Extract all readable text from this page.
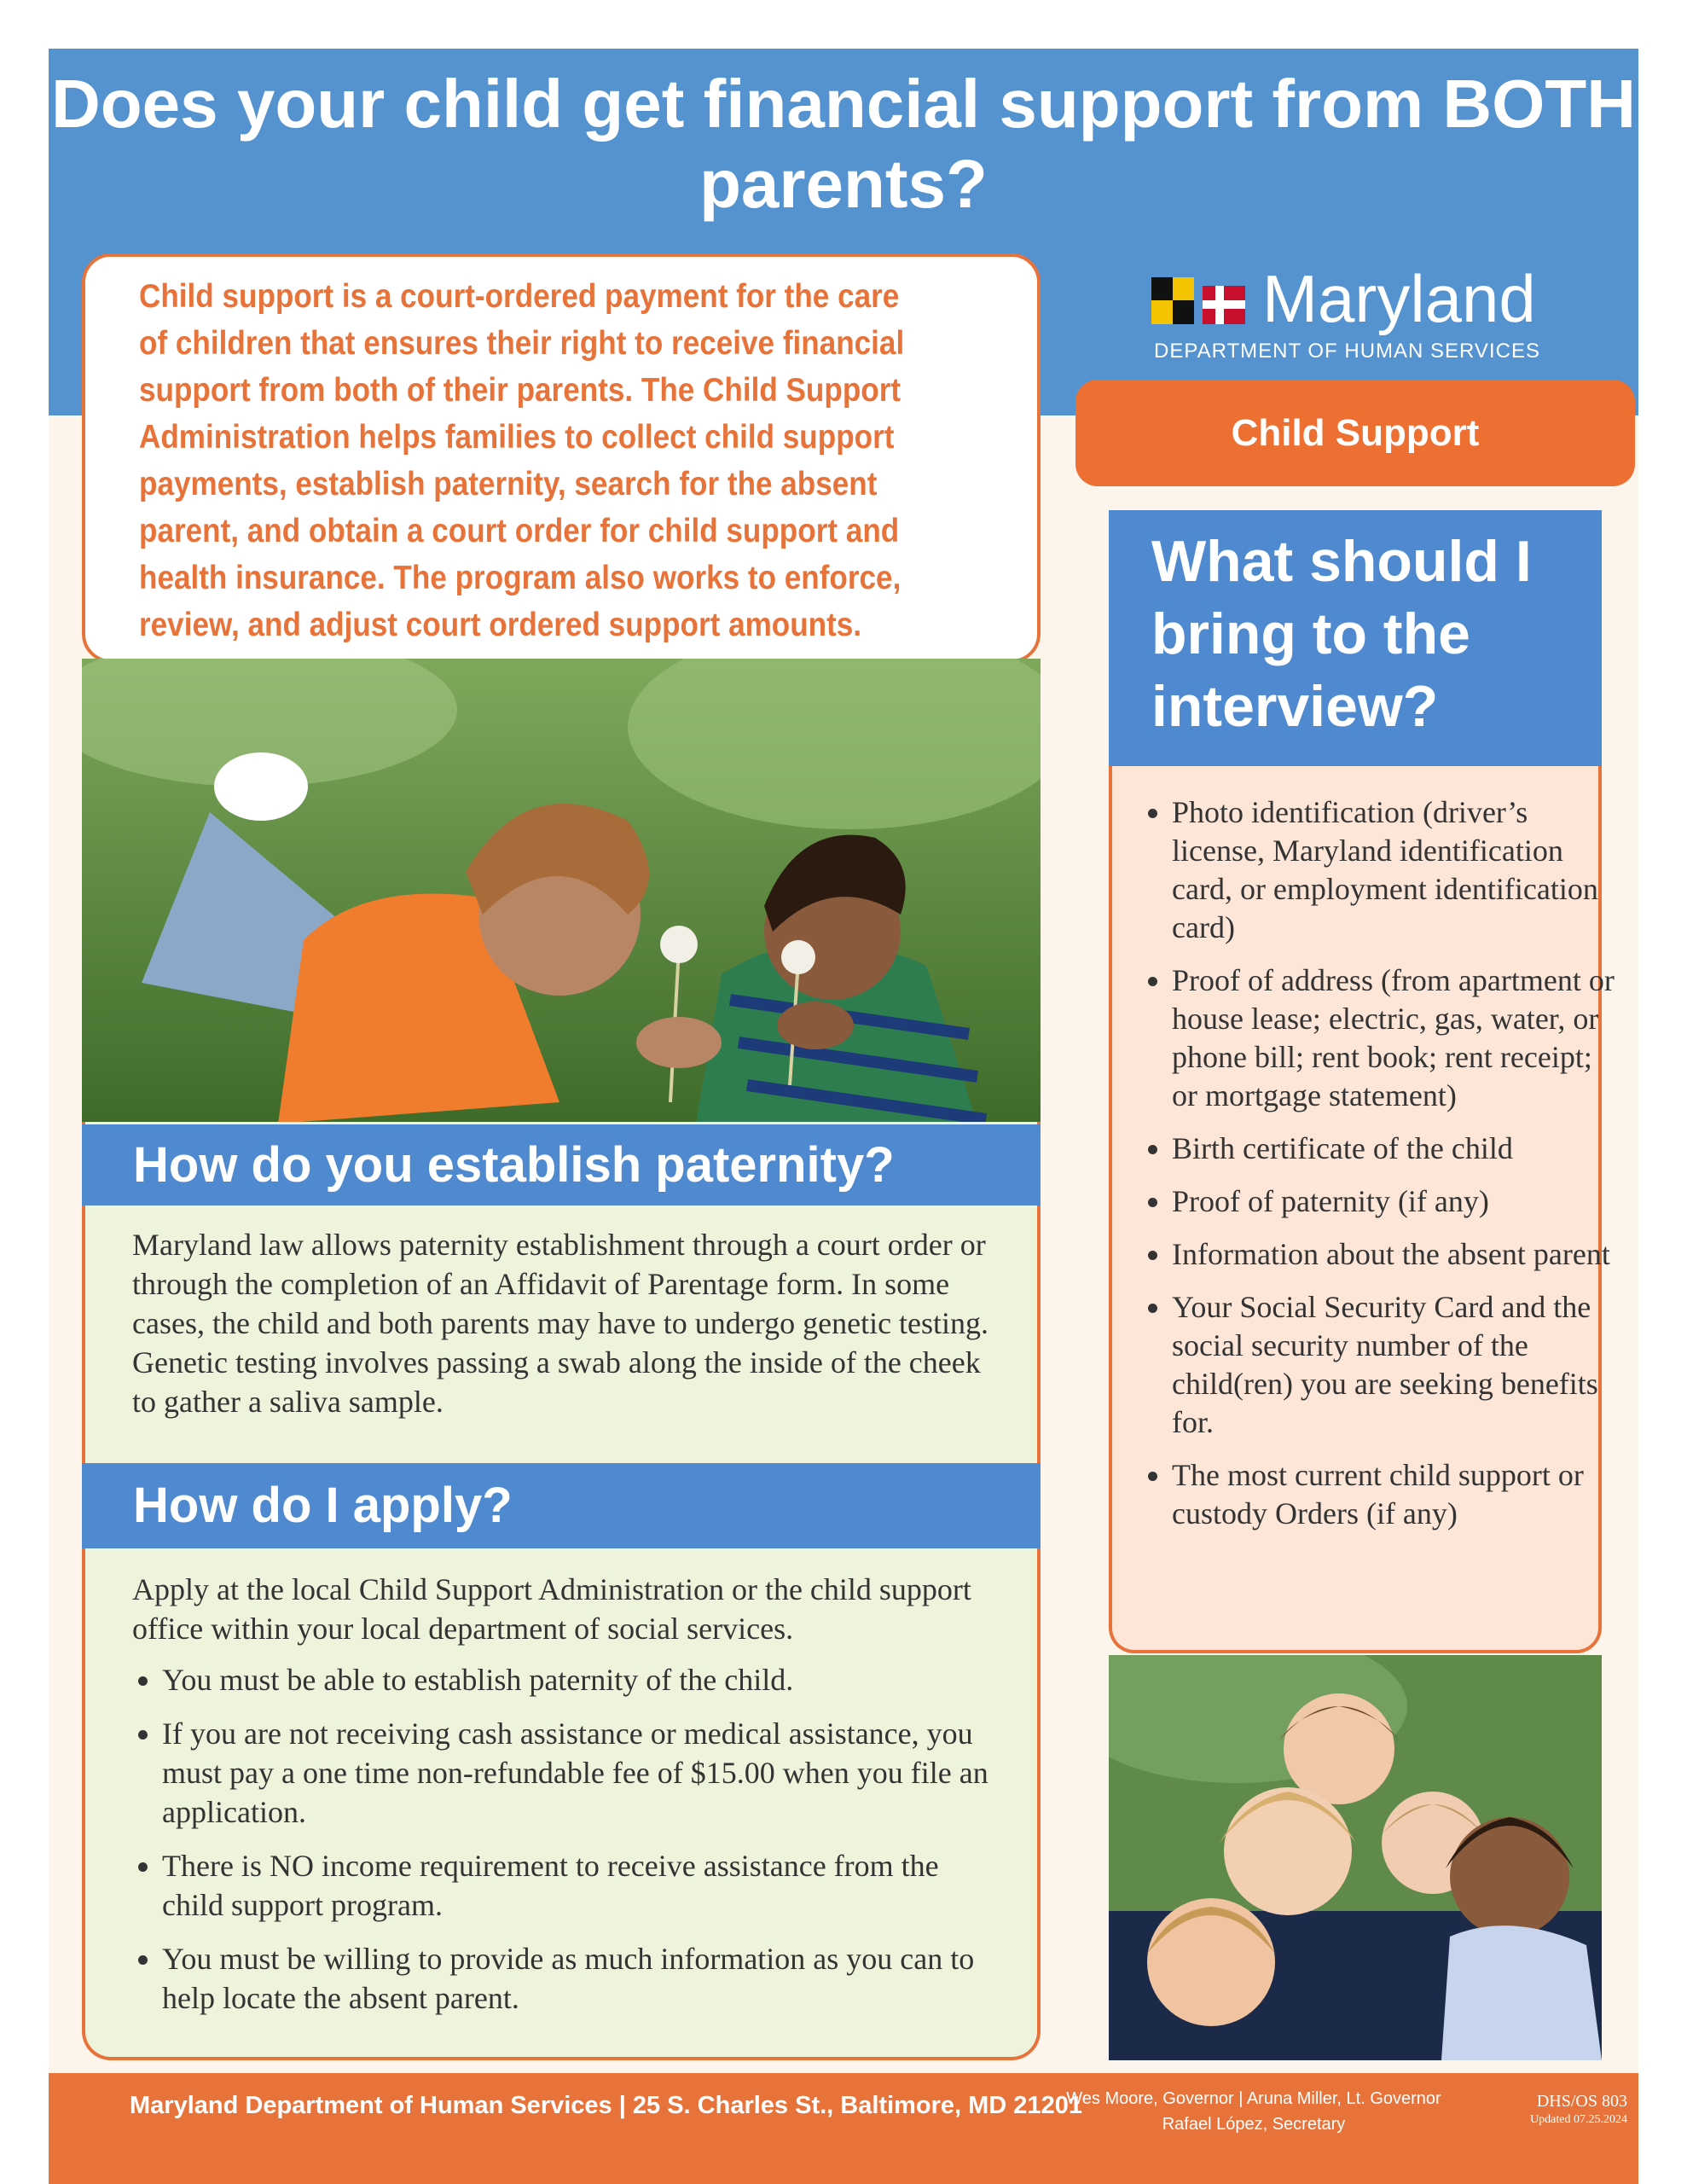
Does your child get financial support from BOTH parents?
Child support is a court-ordered payment for the care of children that ensures their right to receive financial support from both of their parents. The Child Support Administration helps families to collect child support payments, establish paternity, search for the absent parent, and obtain a court order for child support and health insurance. The program also works to enforce, review, and adjust court ordered support amounts.
How do you establish paternity?
Maryland law allows paternity establishment through a court order or through the completion of an Affidavit of Parentage form. In some cases, the child and both parents may have to undergo genetic testing. Genetic testing involves passing a swab along the inside of the cheek to gather a saliva sample.
How do I apply?
Apply at the local Child Support Administration or the child support office within your local department of social services.
• You must be able to establish paternity of the child.
• If you are not receiving cash assistance or medical assistance, you must pay a one time non-refundable fee of $15.00 when you file an application.
• There is NO income requirement to receive assistance from the child support program.
• You must be willing to provide as much information as you can to help locate the absent parent.
Maryland
DEPARTMENT OF HUMAN SERVICES
Child Support
What should I bring to the interview?
• Photo identification (driver’s license, Maryland identification card, or employment identification card)
• Proof of address (from apartment or house lease; electric, gas, water, or phone bill; rent book; rent receipt; or mortgage statement)
• Birth certificate of the child
• Proof of paternity (if any)
• Information about the absent parent
• Your Social Security Card and the social security number of the child(ren) you are seeking benefits for.
• The most current child support or custody Orders (if any)
Maryland Department of Human Services | 25 S. Charles St., Baltimore, MD 21201
Wes Moore, Governor | Aruna Miller, Lt. Governor
Rafael López, Secretary
DHS/OS 803
Updated 07.25.2024
